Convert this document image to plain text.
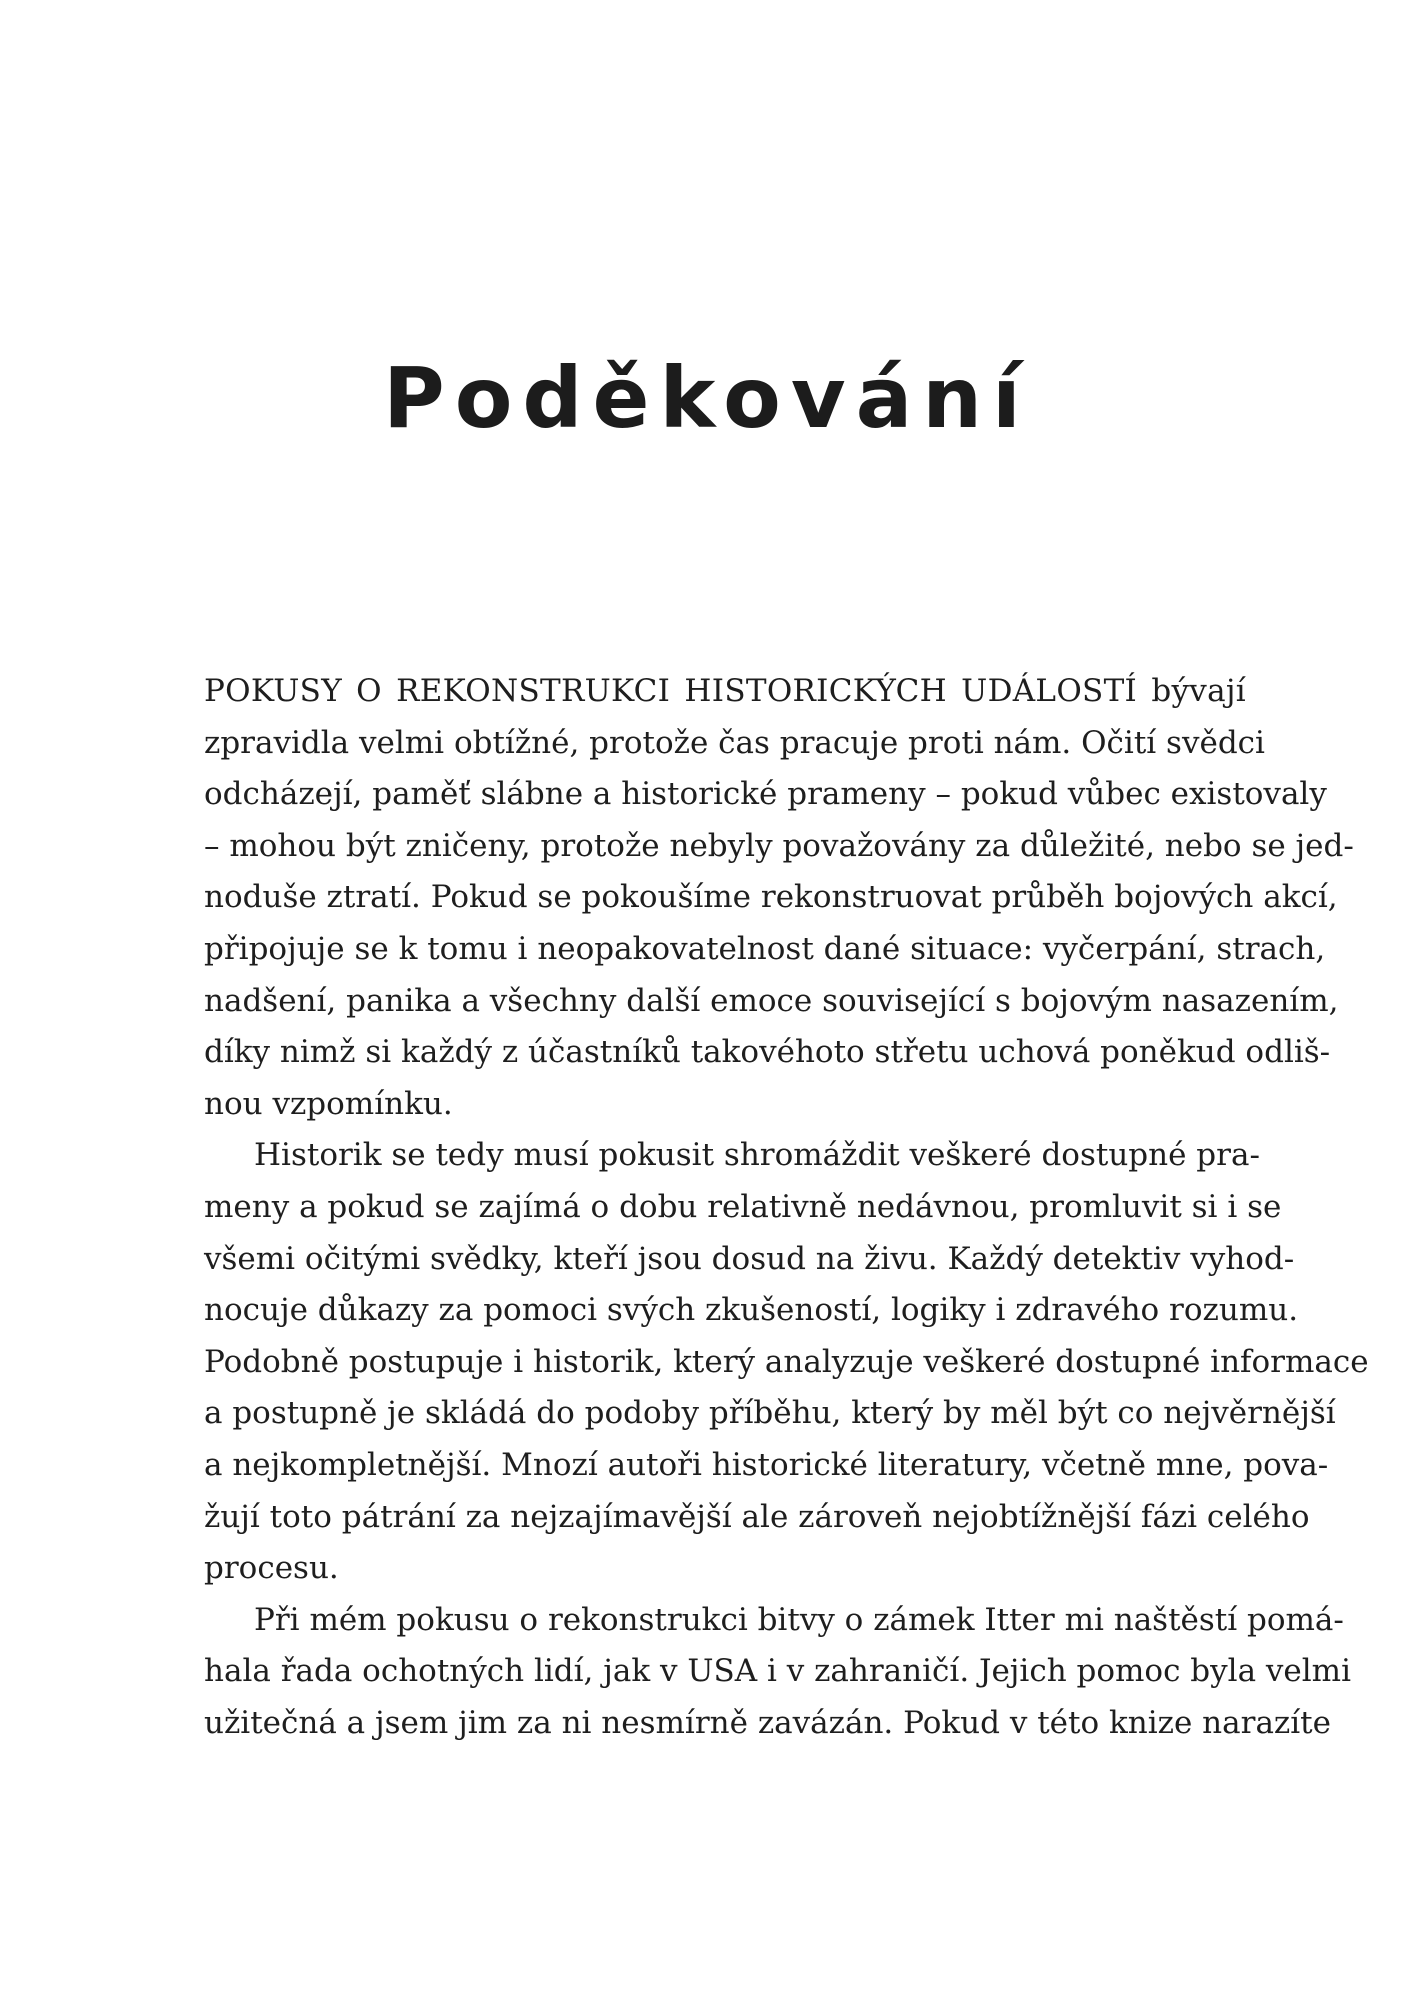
Poděkování
POKUSY O REKONSTRUKCI HISTORICKÝCH UDÁLOSTÍ bývají
zpravidla velmi obtížné, protože čas pracuje proti nám. Očití svědci
odcházejí, paměť slábne a historické prameny – pokud vůbec existovaly
– mohou být zničeny, protože nebyly považovány za důležité, nebo se jed-
noduše ztratí. Pokud se pokoušíme rekonstruovat průběh bojových akcí,
připojuje se k tomu i neopakovatelnost dané situace: vyčerpání, strach,
nadšení, panika a všechny další emoce související s bojovým nasazením,
díky nimž si každý z účastníků takovéhoto střetu uchová poněkud odliš-
nou vzpomínku.
Historik se tedy musí pokusit shromáždit veškeré dostupné pra-
meny a pokud se zajímá o dobu relativně nedávnou, promluvit si i se
všemi očitými svědky, kteří jsou dosud na živu. Každý detektiv vyhod-
nocuje důkazy za pomoci svých zkušeností, logiky i zdravého rozumu.
Podobně postupuje i historik, který analyzuje veškeré dostupné informace
a postupně je skládá do podoby příběhu, který by měl být co nejvěrnější
a nejkompletnější. Mnozí autoři historické literatury, včetně mne, pova-
žují toto pátrání za nejzajímavější ale zároveň nejobtížnější fázi celého
procesu.
Při mém pokusu o rekonstrukci bitvy o zámek Itter mi naštěstí pomá-
hala řada ochotných lidí, jak v USA i v zahraničí. Jejich pomoc byla velmi
užitečná a jsem jim za ni nesmírně zavázán. Pokud v této knize narazíte
